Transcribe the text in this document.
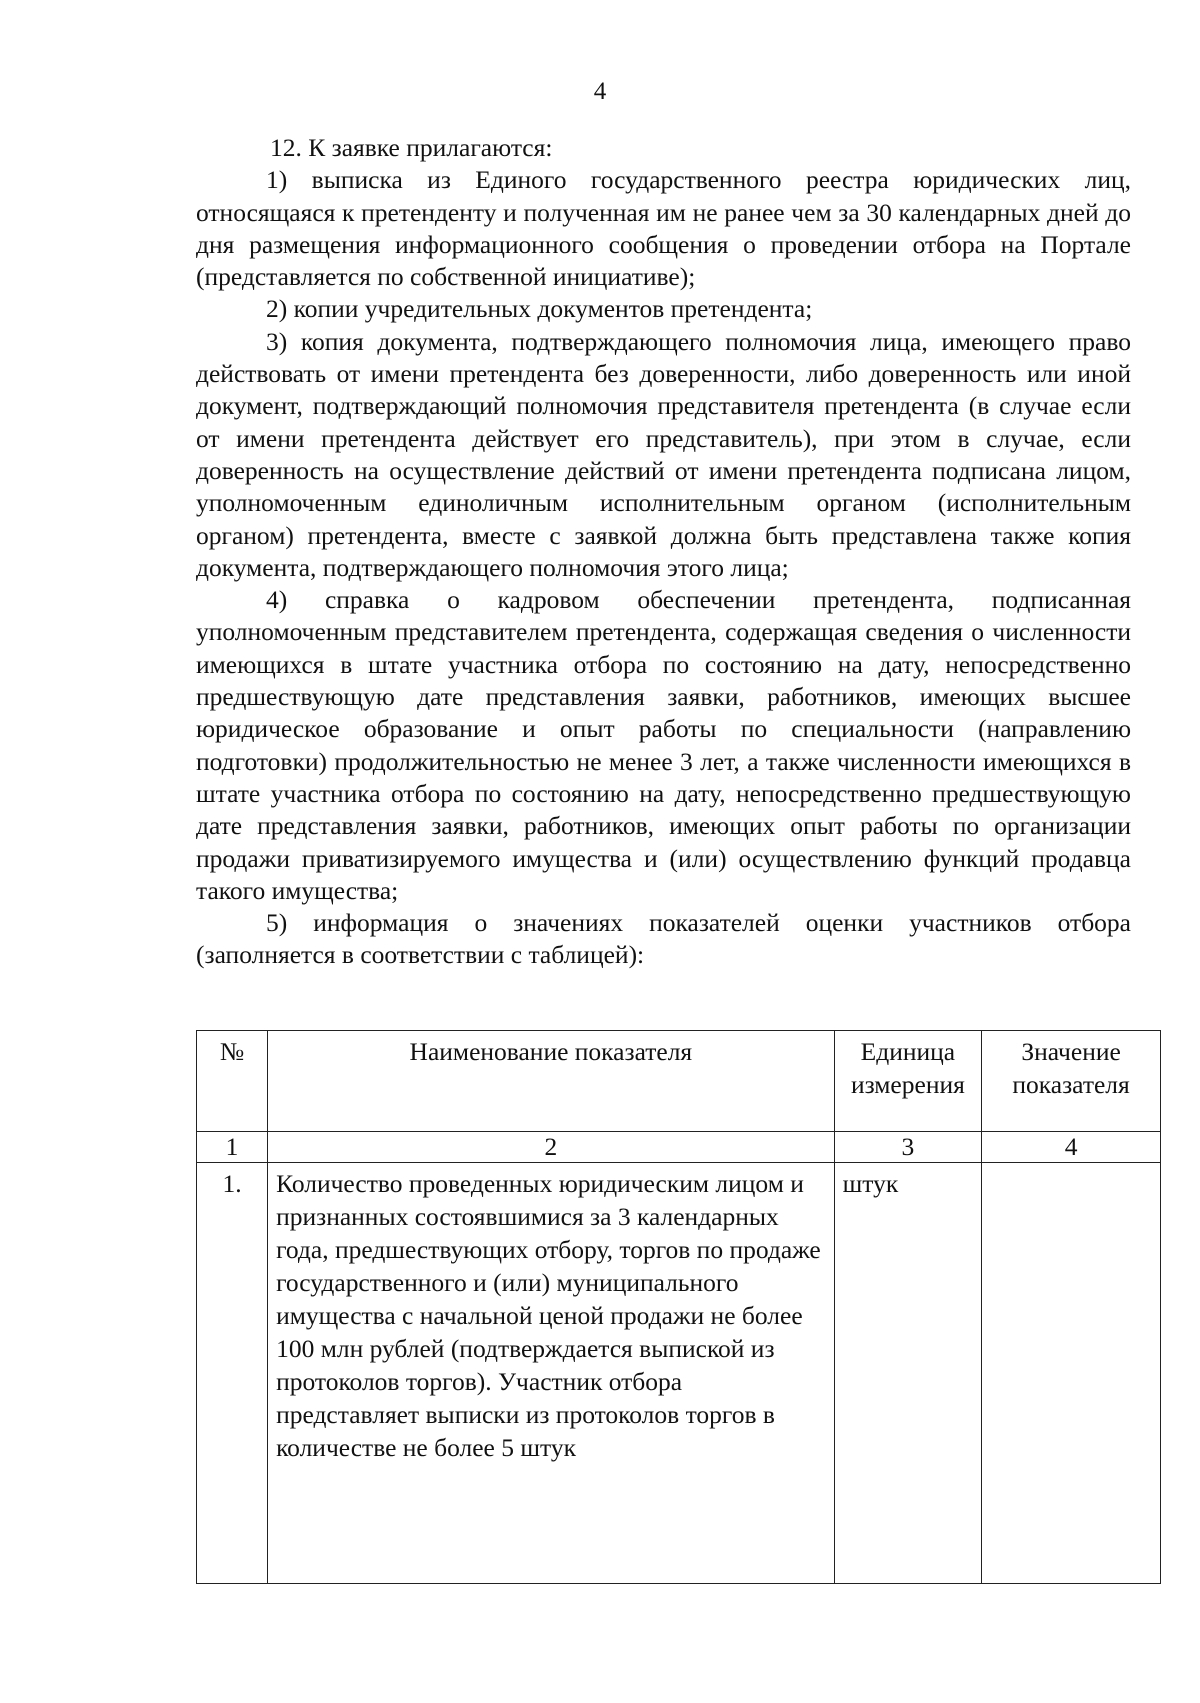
4

12. К заявке прилагаются:

1) выписка из Единого государственного реестра юридических лиц, относящаяся к претенденту и полученная им не ранее чем за 30 календарных дней до дня размещения информационного сообщения о проведении отбора на Портале (представляется по собственной инициативе);

2) копии учредительных документов претендента;

3) копия документа, подтверждающего полномочия лица, имеющего право действовать от имени претендента без доверенности, либо доверенность или иной документ, подтверждающий полномочия представителя претендента (в случае если от имени претендента действует его представитель), при этом в случае, если доверенность на осуществление действий от имени претендента подписана лицом, уполномоченным единоличным исполнительным органом (исполнительным органом) претендента, вместе с заявкой должна быть представлена также копия документа, подтверждающего полномочия этого лица;

4) справка о кадровом обеспечении претендента, подписанная уполномоченным представителем претендента, содержащая сведения о численности имеющихся в штате участника отбора по состоянию на дату, непосредственно предшествующую дате представления заявки, работников, имеющих высшее юридическое образование и опыт работы по специальности (направлению подготовки) продолжительностью не менее 3 лет, а также численности имеющихся в штате участника отбора по состоянию на дату, непосредственно предшествующую дате представления заявки, работников, имеющих опыт работы по организации продажи приватизируемого имущества и (или) осуществлению функций продавца такого имущества;

5) информация о значениях показателей оценки участников отбора (заполняется в соответствии с таблицей):

№	Наименование показателя	Единица измерения	Значение показателя
1	2	3	4
1.	Количество проведенных юридическим лицом и признанных состоявшимися за 3 календарных года, предшествующих отбору, торгов по продаже государственного и (или) муниципального имущества с начальной ценой продажи не более 100 млн рублей (подтверждается выпиской из протоколов торгов). Участник отбора представляет выписки из протоколов торгов в количестве не более 5 штук	штук	
